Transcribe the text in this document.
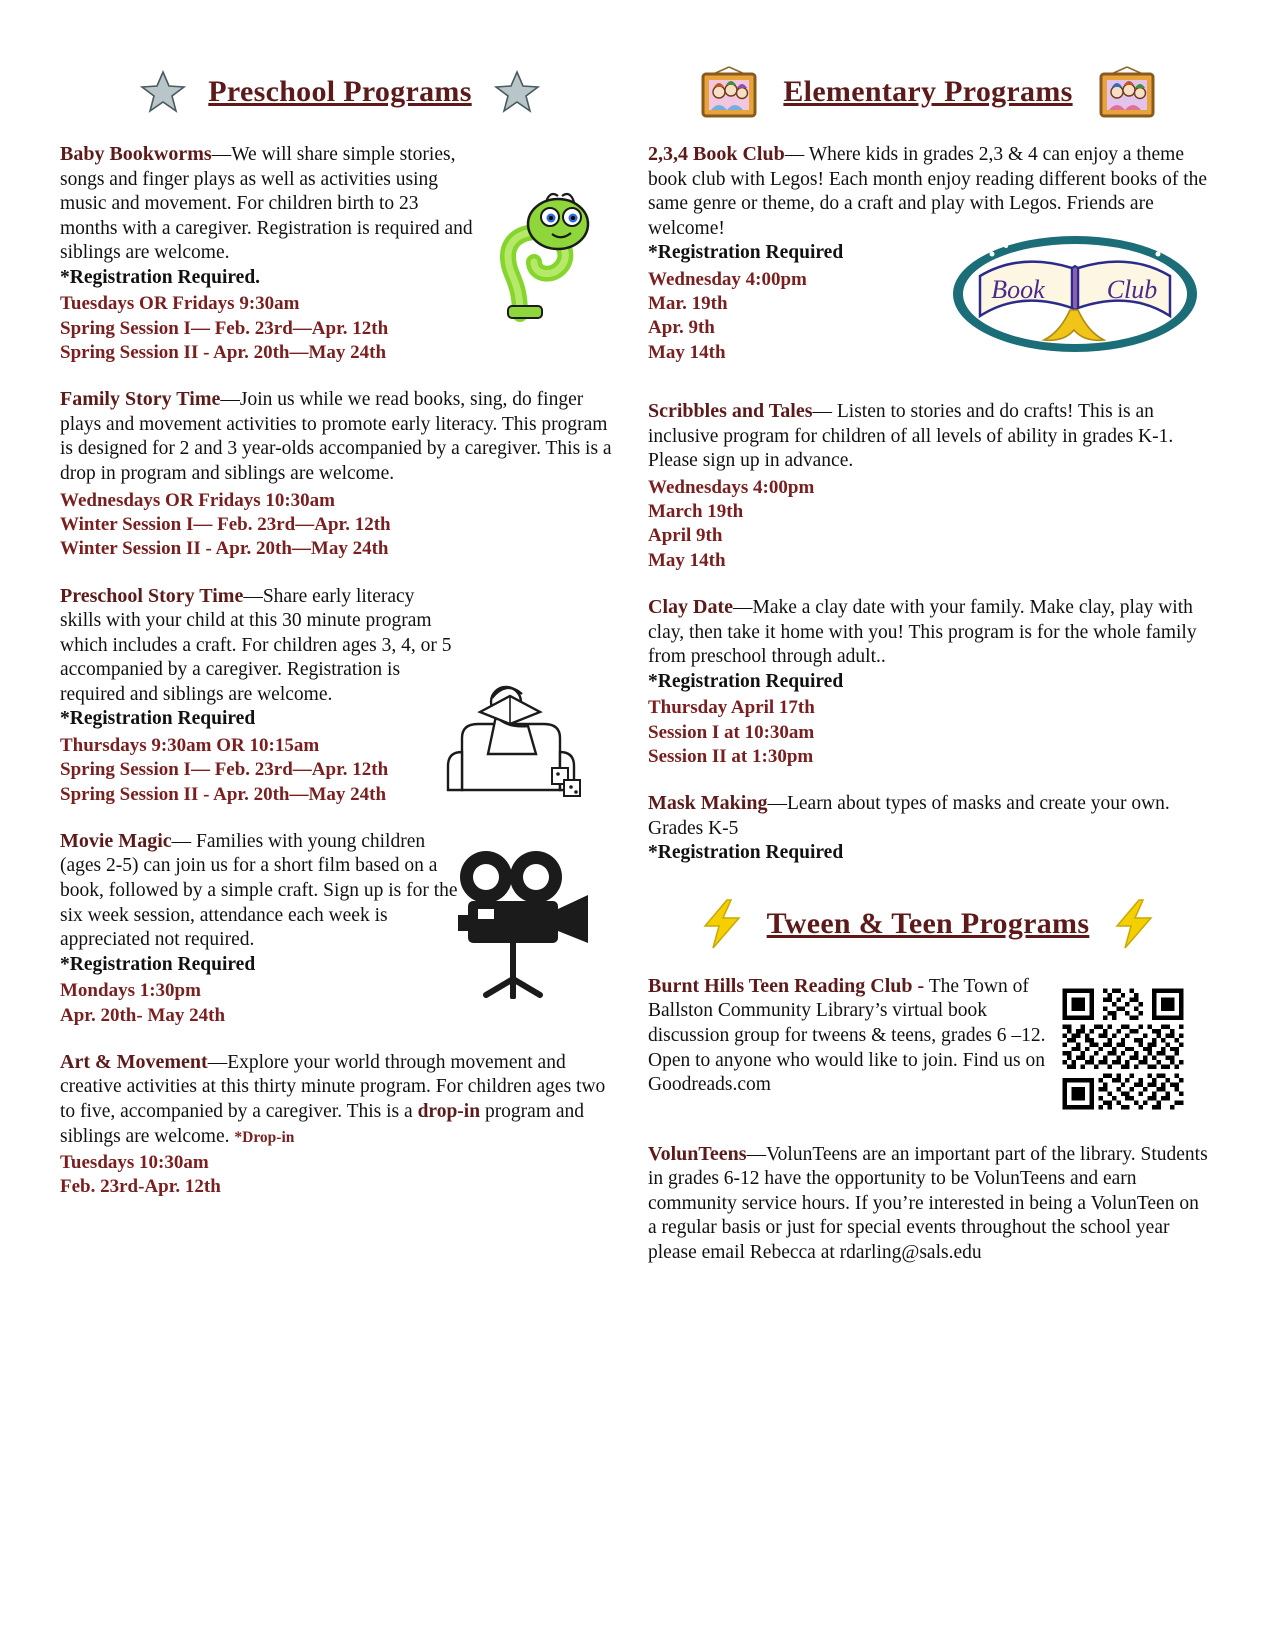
Preschool Programs

Baby Bookworms—We will share simple stories, songs and finger plays as well as activities using music and movement. For children birth to 23 months with a caregiver. Registration is required and siblings are welcome.

*Registration Required.

Tuesdays OR Fridays 9:30am
Spring Session I— Feb. 23rd—Apr. 12th
Spring Session II - Apr. 20th—May 24th

Family Story Time—Join us while we read books, sing, do finger plays and movement activities to promote early literacy. This program is designed for 2 and 3 year-olds accompanied by a caregiver. This is a drop in program and siblings are welcome.

Wednesdays OR Fridays 10:30am
Winter Session I— Feb. 23rd—Apr. 12th
Winter Session II - Apr. 20th—May 24th

Preschool Story Time—Share early literacy skills with your child at this 30 minute program which includes a craft. For children ages 3, 4, or 5 accompanied by a caregiver. Registration is required and siblings are welcome.

*Registration Required

Thursdays 9:30am OR 10:15am
Spring Session I— Feb. 23rd—Apr. 12th
Spring Session II - Apr. 20th—May 24th

Movie Magic— Families with young children (ages 2-5) can join us for a short film based on a book, followed by a simple craft. Sign up is for the six week session, attendance each week is appreciated not required.

*Registration Required

Mondays 1:30pm
Apr. 20th- May 24th

Art & Movement—Explore your world through movement and creative activities at this thirty minute program. For children ages two to five, accompanied by a caregiver. This is a drop-in program and siblings are welcome. *Drop-in

Tuesdays 10:30am
Feb. 23rd-Apr. 12th
Elementary Programs
Book Club

2,3,4 Book Club— Where kids in grades 2,3 & 4 can enjoy a theme book club with Legos! Each month enjoy reading different books of the same genre or theme, do a craft and play with Legos. Friends are welcome!

*Registration Required

Wednesday 4:00pm
Mar. 19th
Apr. 9th
May 14th

Scribbles and Tales— Listen to stories and do crafts! This is an inclusive program for children of all levels of ability in grades K-1. Please sign up in advance.

Wednesdays 4:00pm
March 19th
April 9th
May 14th

Clay Date—Make a clay date with your family. Make clay, play with clay, then take it home with you! This program is for the whole family from preschool through adult..

*Registration Required

Thursday April 17th
Session I at 10:30am
Session II at 1:30pm

Mask Making—Learn about types of masks and create your own. Grades K-5

*Registration Required

Tween & Teen Programs

Burnt Hills Teen Reading Club - The Town of Ballston Community Library’s virtual book discussion group for tweens & teens, grades 6 –12. Open to anyone who would like to join. Find us on Goodreads.com

VolunTeens—VolunTeens are an important part of the library. Students in grades 6-12 have the opportunity to be VolunTeens and earn community service hours. If you’re interested in being a VolunTeen on a regular basis or just for special events throughout the school year please email Rebecca at rdarling@sals.edu
